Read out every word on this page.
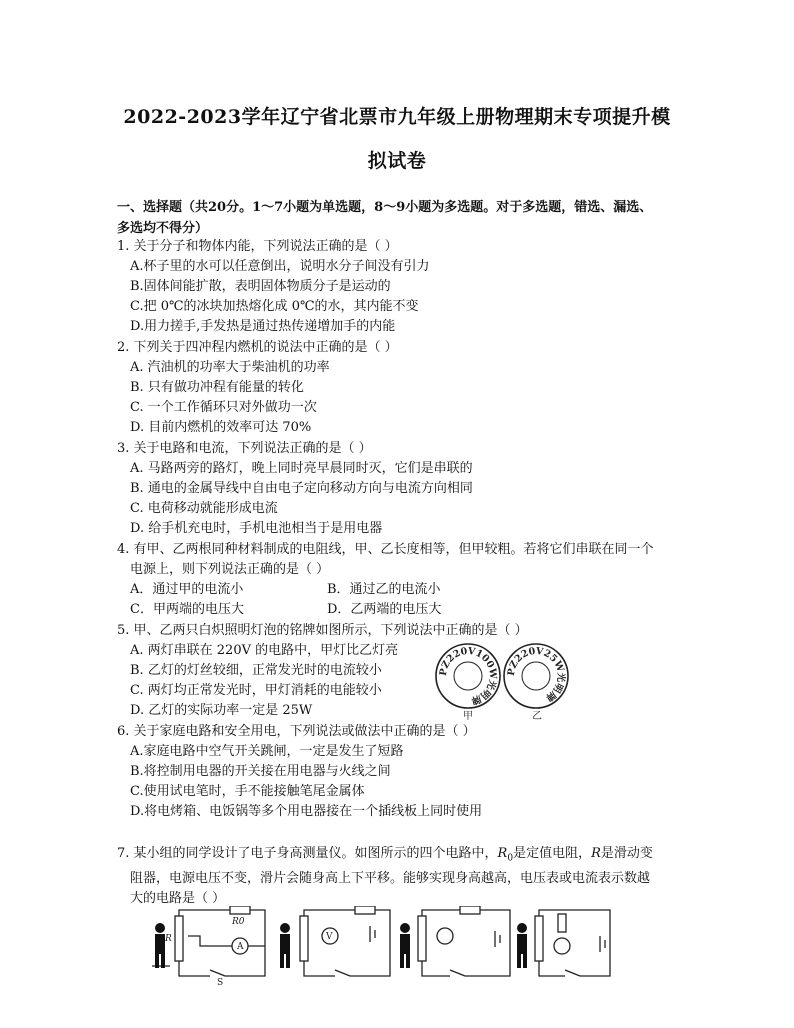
2022-2023学年辽宁省北票市九年级上册物理期末专项提升模
拟试卷
一、选择题（共20分。1～7小题为单选题，8～9小题为多选题。对于多选题，错选、漏选、
多选均不得分）
1. 关于分子和物体内能，下列说法正确的是（ ）
A.杯子里的水可以任意倒出，说明水分子间没有引力
B.固体间能扩散，表明固体物质分子是运动的
C.把 0℃的冰块加热熔化成 0℃的水，其内能不变
D.用力搓手,手发热是通过热传递增加手的内能
2. 下列关于四冲程内燃机的说法中正确的是（ ）
A. 汽油机的功率大于柴油机的功率
B. 只有做功冲程有能量的转化
C. 一个工作循环只对外做功一次
D. 目前内燃机的效率可达 70%
3. 关于电路和电流，下列说法正确的是（ ）
A. 马路两旁的路灯，晚上同时亮早晨同时灭，它们是串联的
B. 通电的金属导线中自由电子定向移动方向与电流方向相同
C. 电荷移动就能形成电流
D. 给手机充电时，手机电池相当于是用电器
4. 有甲、乙两根同种材料制成的电阻线，甲、乙长度相等，但甲较粗。若将它们串联在同一个
电源上，则下列说法正确的是（ ）
A．通过甲的电流小	B．通过乙的电流小
C．甲两端的电压大	D．乙两端的电压大
5. 甲、乙两只白炽照明灯泡的铭牌如图所示，下列说法中正确的是（ ）
A. 两灯串联在 220V 的电路中，甲灯比乙灯亮
B. 乙灯的灯丝较细，正常发光时的电流较小
C. 两灯均正常发光时，甲灯消耗的电能较小
D. 乙灯的实际功率一定是 25W
PZ220V100W光明牌
PZ220V25W光明牌
甲	乙
6. 关于家庭电路和安全用电，下列说法或做法中正确的是（ ）
A.家庭电路中空气开关跳闸，一定是发生了短路
B.将控制用电器的开关接在用电器与火线之间
C.使用试电笔时，手不能接触笔尾金属体
D.将电烤箱、电饭锅等多个用电器接在一个插线板上同时使用
7. 某小组的同学设计了电子身高测量仪。如图所示的四个电路中，$R_0$是定值电阻，R是滑动变
阻器，电源电压不变，滑片会随身高上下平移。能够实现身高越高，电压表或电流表示数越
大的电路是（ ）
R
R0
A
V
S
